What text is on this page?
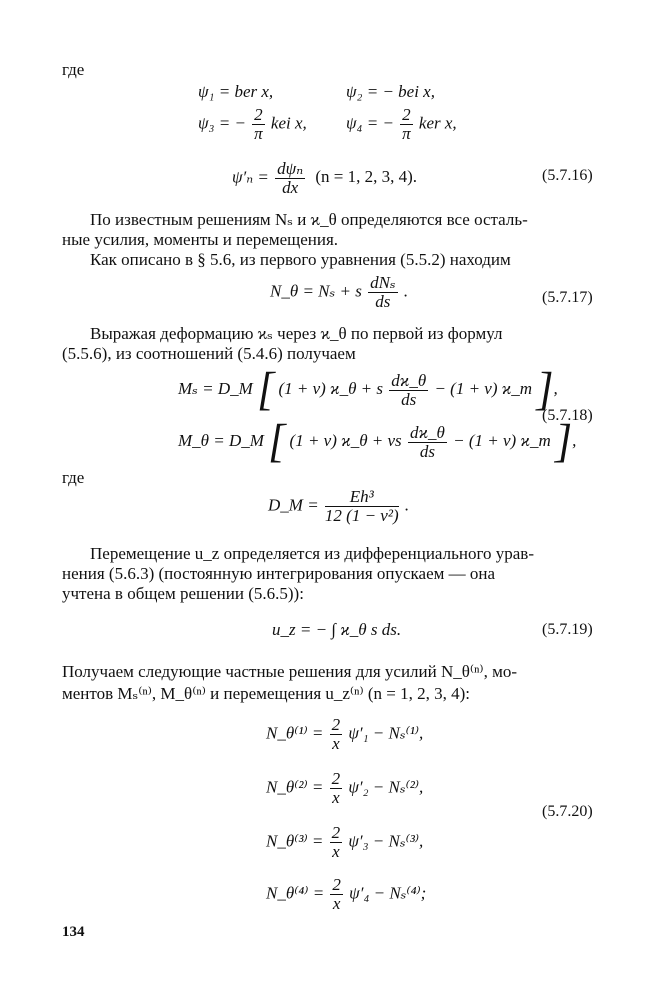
где
ψ₁ = ber x,	ψ₂ = − bei x,
ψ₃ = − $\frac{2}{\pi}$ kei x, ψ₄ = − $\frac{2}{\pi}$ ker x,
$\psi'_n = \frac{\text{dψₙ}}{dx} (n = 1$, 2, 3, 4).	(5.7.16)
По известным решениям Nₛ и ϰ_θ определяются все осталь-
ные усилия, моменты и перемещения.
Как описано в § 5.6, из первого уравнения (5.5.2) находим
N_θ = Nₛ + s $\frac{\text{dNₛ}}{ds}$ .	(5.7.17)
Выражая деформацию ϰₛ через ϰ_θ по первой из формул
(5.5.6), из соотношений (5.4.6) получаем
Mₛ = D_M [ (1 + ν) ϰ_θ + s $\frac{dϰ\_\theta}{ds} - (1 + \nu)$ ϰ_т ],
M_θ = D_M [ (1 + ν) ϰ_θ + νs $\frac{dϰ\_\theta}{ds} - (1 + \nu)$ ϰ_т ],
(5.7.18)
где
D_M = $\frac{\text{Eh³}}{\text{12 (1 − ν²)}}$ .
Перемещение u_z определяется из дифференциального урав-
нения (5.6.3) (постоянную интегрирования опускаем — она
учтена в общем решении (5.6.5)):
u_z = − ∫ ϰ_θ s ds.	(5.7.19)
Получаем следующие частные решения для усилий N_θ⁽ⁿ⁾, мо-
ментов Mₛ⁽ⁿ⁾, M_θ⁽ⁿ⁾ и перемещения u_z⁽ⁿ⁾ (n = 1, 2, 3, 4):
N_θ⁽¹⁾ = $\frac{2}{x} \psi'_1 - N_s^{(1)}$,
N_θ⁽²⁾ = $\frac{2}{x} \psi'_2 - N_s^{(2)}$,
N_θ⁽³⁾ = $\frac{2}{x} \psi'_3 - N_s^{(3)}$,
N_θ⁽⁴⁾ = $\frac{2}{x} \psi'_4 - N_s^{(4)}$;
(5.7.20)
134
